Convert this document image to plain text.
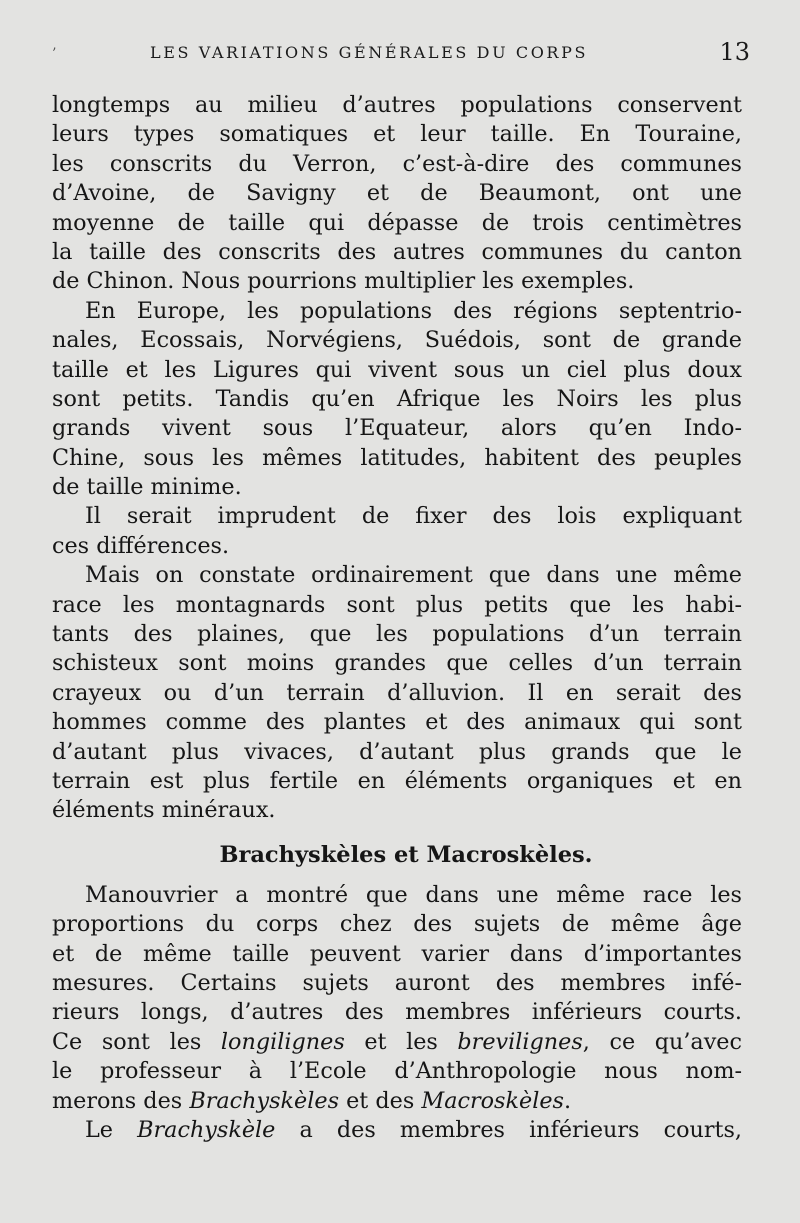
’	LES VARIATIONS GÉNÉRALES DU CORPS	13
longtemps au milieu d’autres populations conservent
leurs types somatiques et leur taille. En Touraine,
les conscrits du Verron, c’est-à-dire des communes
d’Avoine, de Savigny et de Beaumont, ont une
moyenne de taille qui dépasse de trois centimètres
la taille des conscrits des autres communes du canton
de Chinon. Nous pourrions multiplier les exemples.
En Europe, les populations des régions septentrio-
nales, Ecossais, Norvégiens, Suédois, sont de grande
taille et les Ligures qui vivent sous un ciel plus doux
sont petits. Tandis qu’en Afrique les Noirs les plus
grands vivent sous l’Equateur, alors qu’en Indo-
Chine, sous les mêmes latitudes, habitent des peuples
de taille minime.
Il serait imprudent de fixer des lois expliquant
ces différences.
Mais on constate ordinairement que dans une même
race les montagnards sont plus petits que les habi-
tants des plaines, que les populations d’un terrain
schisteux sont moins grandes que celles d’un terrain
crayeux ou d’un terrain d’alluvion. Il en serait des
hommes comme des plantes et des animaux qui sont
d’autant plus vivaces, d’autant plus grands que le
terrain est plus fertile en éléments organiques et en
éléments minéraux.
Brachyskèles et Macroskèles.
Manouvrier a montré que dans une même race les
proportions du corps chez des sujets de même âge
et de même taille peuvent varier dans d’importantes
mesures. Certains sujets auront des membres infé-
rieurs longs, d’autres des membres inférieurs courts.
Ce sont les longilignes et les brevilignes, ce qu’avec
le professeur à l’Ecole d’Anthropologie nous nom-
merons des Brachyskèles et des Macroskèles.
Le Brachyskèle a des membres inférieurs courts,
